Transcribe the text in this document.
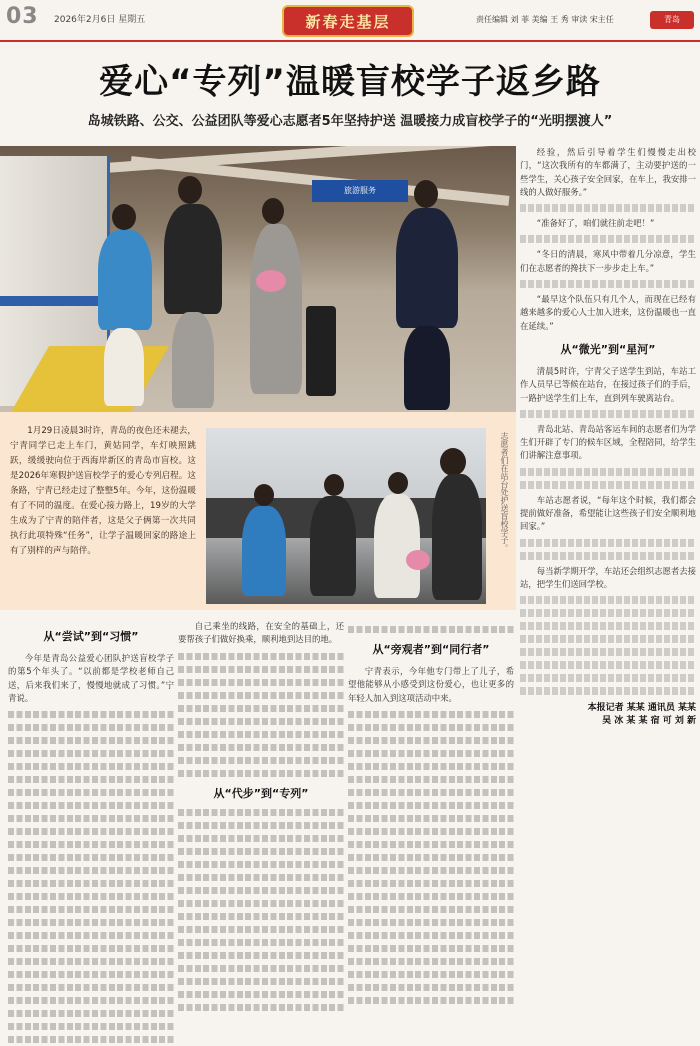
03 2026年2月6日 星期五	新春走基层	责任编辑 刘 菲 美编 王 秀 审读 宋主任	青岛
爱心“专列”温暖盲校学子返乡路
岛城铁路、公交、公益团队等爱心志愿者5年坚持护送 温暖接力成盲校学子的“光明摆渡人”
旅游服务
1月29日凌晨3时许，青岛的夜色还未褪去，宁青同学已走上车门，黄姑同学，车灯映照跳跃，缓缓驶向位于西海岸新区的青岛市盲校。这是2026年寒假护送盲校学子的爱心专列启程。这条路，宁青已经走过了整整5年。今年，这份温暖有了不同的温度。在爱心接力路上，19岁的大学生成为了宁青的陪伴者，这是父子俩第一次共同执行此项特殊“任务”，让学子温暖回家的路途上有了别样的声与陪伴。	志愿者们在站台处护送盲校学子。

经验，然后引导着学生们慢慢走出校门，“这次我所有的车都满了，主动要护送的一些学生，关心孩子安全回家，在车上，我安排一线的人做好服务。”

“准备好了，咱们就往前走吧！”

“冬日的清晨，寒风中带着几分凉意，学生们在志愿者的搀扶下一步步走上车。”

“最早这个队伍只有几个人，而现在已经有越来越多的爱心人士加入进来，这份温暖也一直在延续。”

从“微光”到“星河”

清晨5时许，宁青父子送学生到站，车站工作人员早已等候在站台，在接过孩子们的手后，一路护送学生们上车，直到列车驶离站台。

青岛北站、青岛站客运车间的志愿者们为学生们开辟了专门的候车区域，全程陪同，给学生们讲解注意事项。

车站志愿者说，“每年这个时候，我们都会提前做好准备，希望能让这些孩子们安全顺利地回家。”

每当新学期开学，车站还会组织志愿者去接站，把学生们送回学校。

本报记者 某某 通讯员 某某
吴 冰 某 某 宿 可 刘 新
从“尝试”到“习惯”

今年是青岛公益爱心团队护送盲校学子的第5个年头了。“以前都是学校老师自己送，后来我们来了，慢慢地就成了习惯。”宁青说。

自己乘坐的线路，在安全的基础上，还要帮孩子们做好换乘，顺利地到达目的地。

从“代步”到“专列”
从“旁观者”到“同行者”

宁青表示，今年他专门带上了儿子，希望他能够从小感受到这份爱心，也让更多的年轻人加入到这项活动中来。
